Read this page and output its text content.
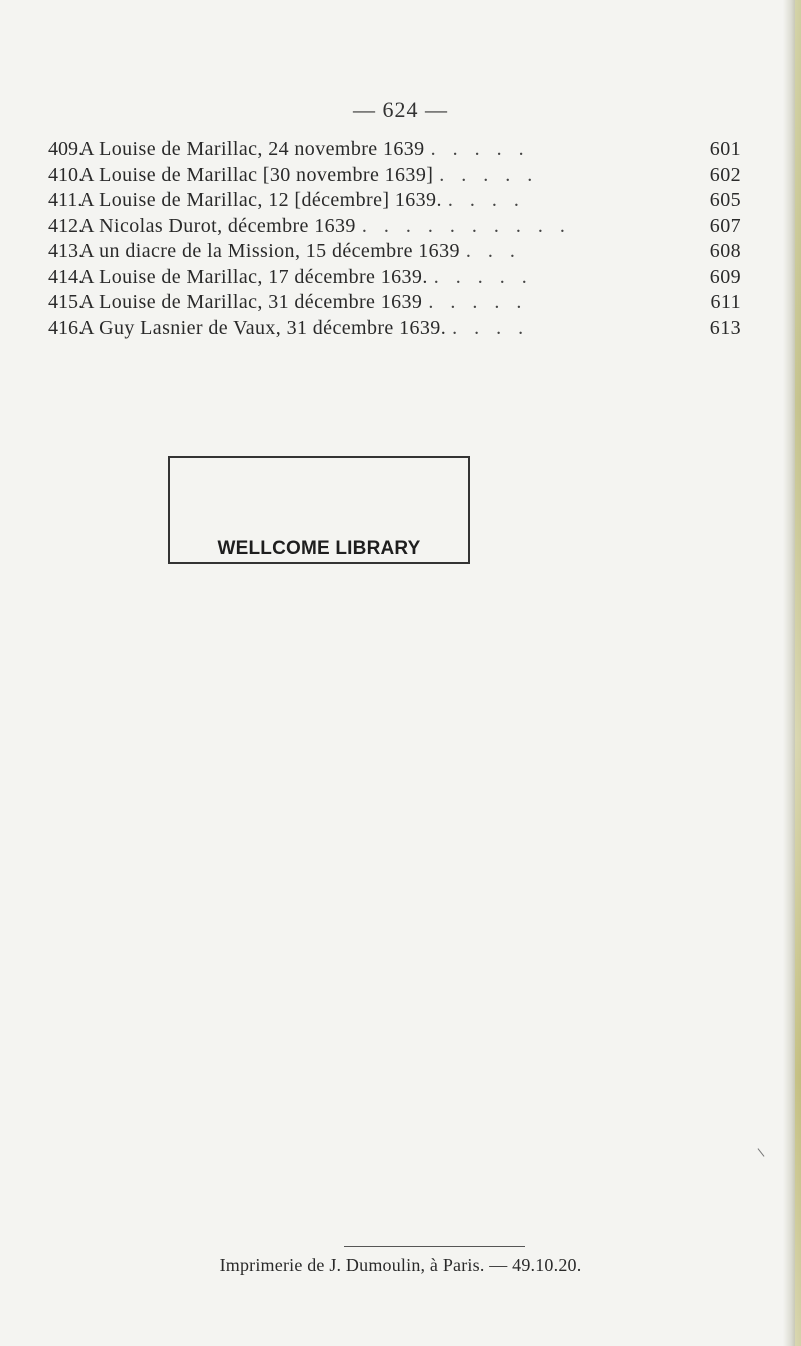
— 624 —
409.
A Louise de Marillac, 24 novembre 1639 . . . . .	601
410.
A Louise de Marillac [30 novembre 1639] . . . . .	602
411.
A Louise de Marillac, 12 [décembre] 1639. . . . .	605
412.
A Nicolas Durot, décembre 1639 . . . . . . . . . .	607
413.
A un diacre de la Mission, 15 décembre 1639 . . .	608
414.
A Louise de Marillac, 17 décembre 1639. . . . . .	609
415.
A Louise de Marillac, 31 décembre 1639 . . . . .	611
416.
A Guy Lasnier de Vaux, 31 décembre 1639. . . . .	613
WELLCOME LIBRARY
Imprimerie de J. Dumoulin, à Paris. — 49.10.20.
